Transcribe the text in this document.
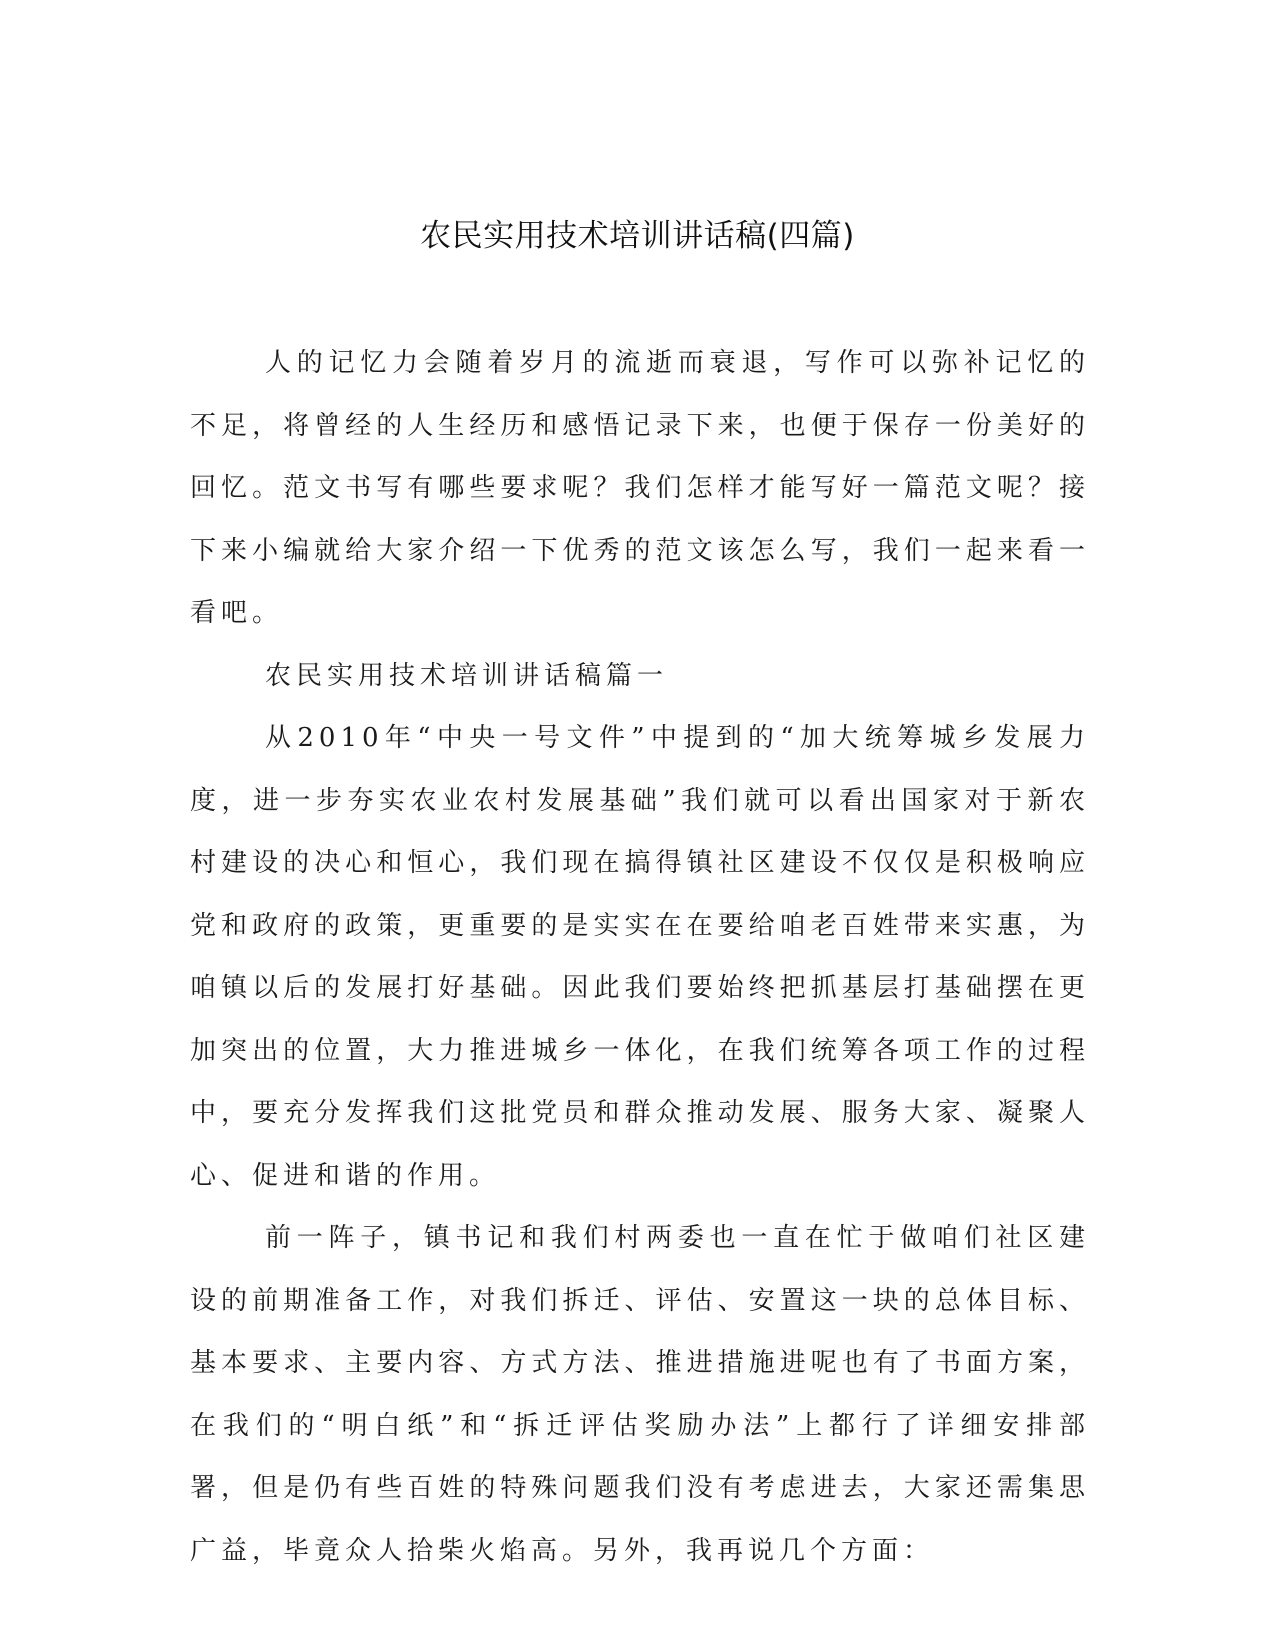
农民实用技术培训讲话稿(四篇)

人的记忆力会随着岁月的流逝而衰退，写作可以弥补记忆的不足，将曾经的人生经历和感悟记录下来，也便于保存一份美好的回忆。范文书写有哪些要求呢？我们怎样才能写好一篇范文呢？接下来小编就给大家介绍一下优秀的范文该怎么写，我们一起来看一看吧。

农民实用技术培训讲话稿篇一

从2010年“中央一号文件”中提到的“加大统筹城乡发展力度，进一步夯实农业农村发展基础”我们就可以看出国家对于新农村建设的决心和恒心，我们现在搞得镇社区建设不仅仅是积极响应党和政府的政策，更重要的是实实在在要给咱老百姓带来实惠，为咱镇以后的发展打好基础。因此我们要始终把抓基层打基础摆在更加突出的位置，大力推进城乡一体化，在我们统筹各项工作的过程中，要充分发挥我们这批党员和群众推动发展、服务大家、凝聚人心、促进和谐的作用。

前一阵子，镇书记和我们村两委也一直在忙于做咱们社区建设的前期准备工作，对我们拆迁、评估、安置这一块的总体目标、基本要求、主要内容、方式方法、推进措施进呢也有了书面方案，在我们的“明白纸”和“拆迁评估奖励办法”上都行了详细安排部署，但是仍有些百姓的特殊问题我们没有考虑进去，大家还需集思广益，毕竟众人拾柴火焰高。另外，我再说几个方面：
